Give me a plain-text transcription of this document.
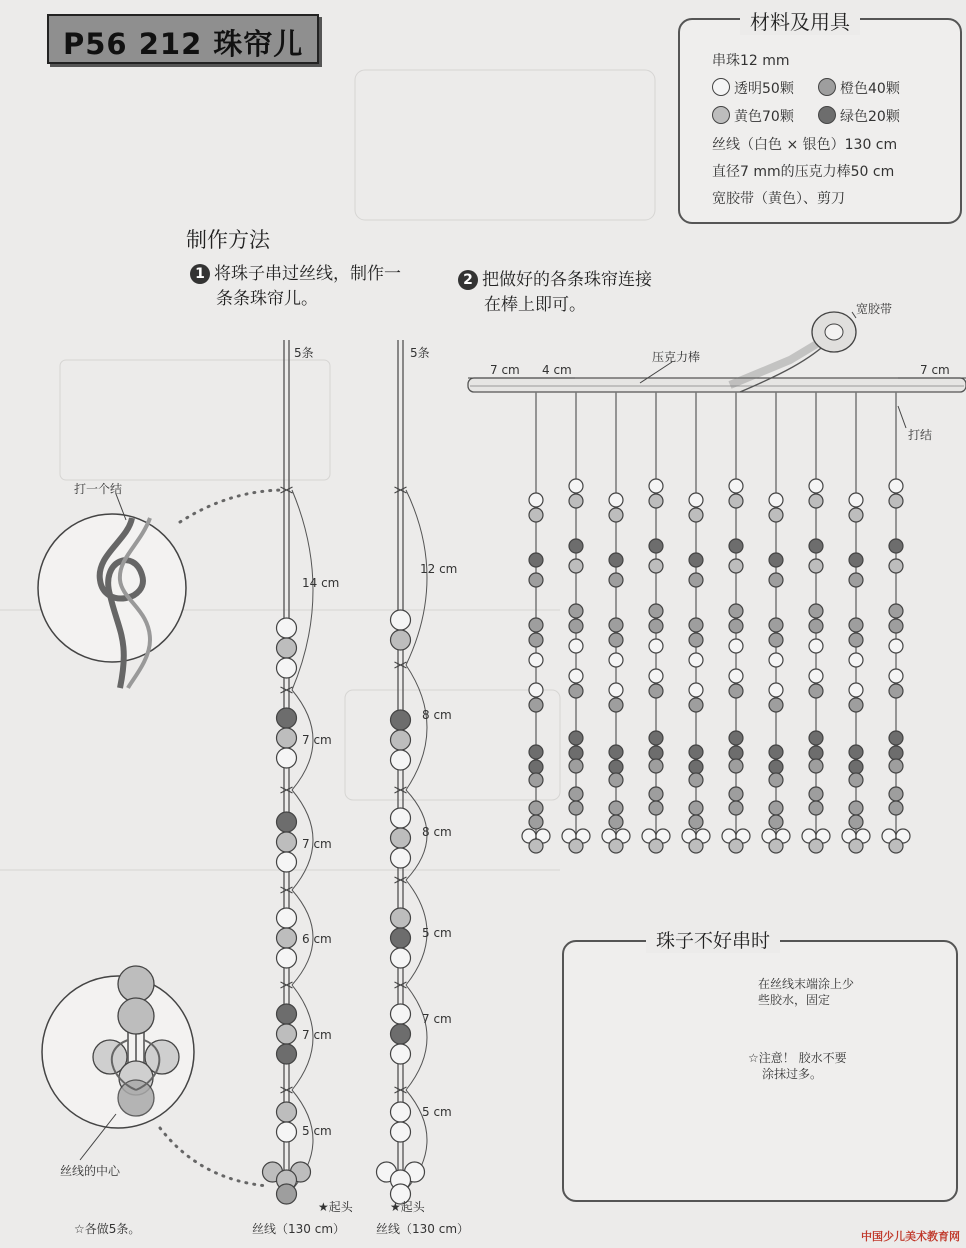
P56 212 珠帘儿
材料及用具
串珠12 mm
透明50颗	橙色40颗
黄色70颗	绿色20颗
丝线（白色 × 银色）130 cm
直径7 mm的压克力棒50 cm
宽胶带（黄色）、剪刀
制作方法
1 将珠子串过丝线，制作一
条条珠帘儿。
2 把做好的各条珠帘连接
在棒上即可。
5条
14 cm
7 cm
7 cm
6 cm
7 cm
5 cm
★起头
丝线（130 cm）
5条
12 cm
8 cm
8 cm
5 cm
7 cm
5 cm
★起头
丝线（130 cm）
打一个结
丝线的中心
☆各做5条。
7 cm 4 cm
压克力棒
宽胶带
7 cm
打结
珠子不好串时
在丝线末端涂上少
些胶水，固定
☆注意！ 胶水不要
涂抹过多。
中国少儿美术教育网
